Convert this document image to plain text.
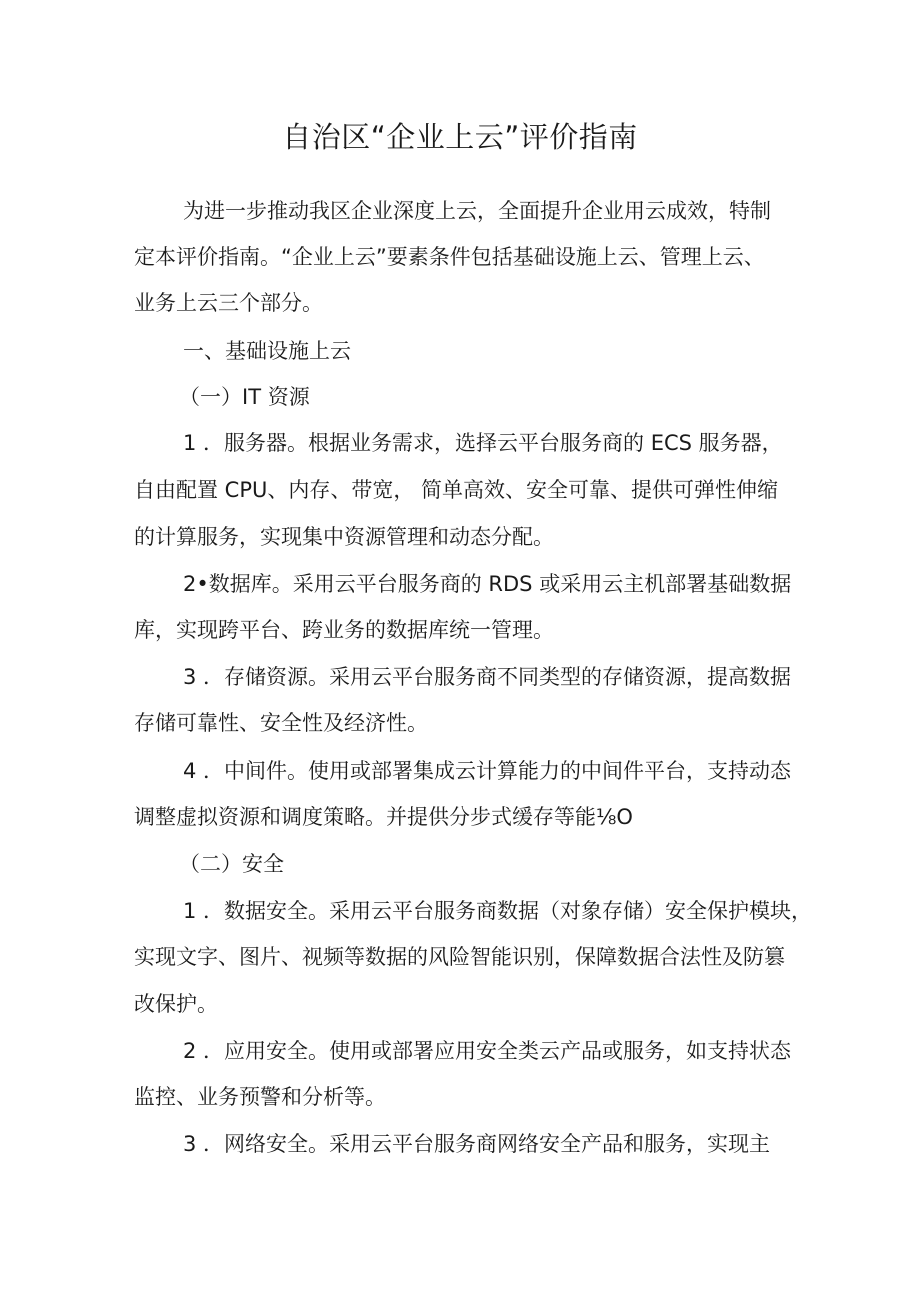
自治区“企业上云”评价指南
为进一步推动我区企业深度上云，全面提升企业用云成效，特制
定本评价指南。“企业上云”要素条件包括基础设施上云、管理上云、
业务上云三个部分。
一、基础设施上云
（一）IT 资源
1 ．服务器。根据业务需求，选择云平台服务商的 ECS 服务器，
自由配置 CPU、内存、带宽， 简单高效、安全可靠、提供可弹性伸缩
的计算服务，实现集中资源管理和动态分配。
2•数据库。采用云平台服务商的 RDS 或采用云主机部署基础数据
库，实现跨平台、跨业务的数据库统一管理。
3 ．存储资源。采用云平台服务商不同类型的存储资源，提高数据
存储可靠性、安全性及经济性。
4 ．中间件。使用或部署集成云计算能力的中间件平台，支持动态
调整虚拟资源和调度策略。并提供分步式缓存等能⅛O
（二）安全
1 ．数据安全。采用云平台服务商数据（对象存储）安全保护模块，
实现文字、图片、视频等数据的风险智能识别，保障数据合法性及防篡
改保护。
2 ．应用安全。使用或部署应用安全类云产品或服务，如支持状态
监控、业务预警和分析等。
3 ．网络安全。采用云平台服务商网络安全产品和服务，实现主
